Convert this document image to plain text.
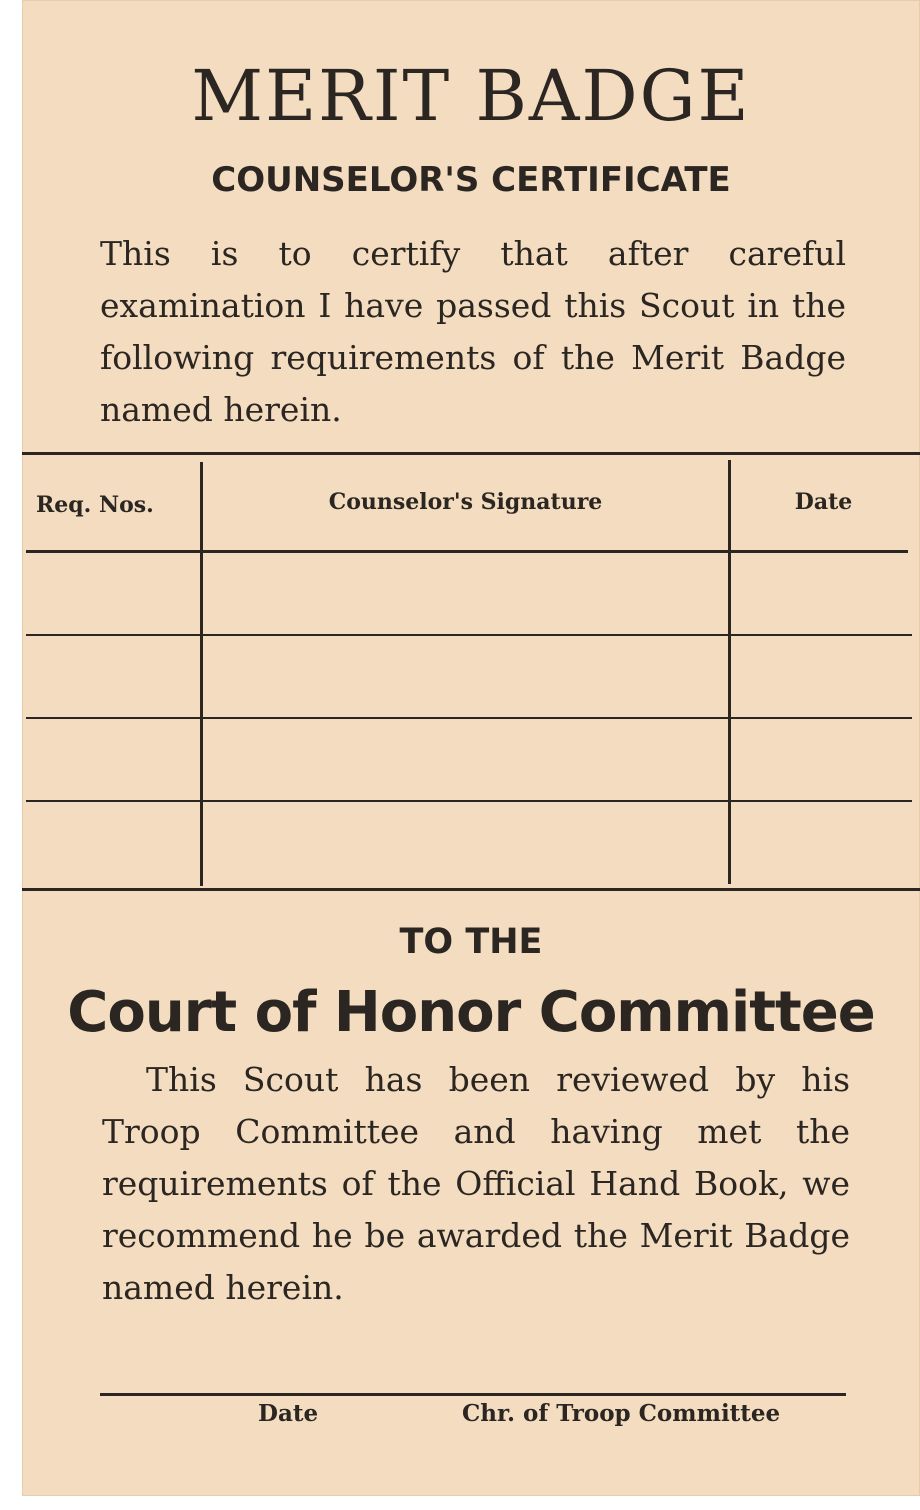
MERIT BADGE
COUNSELOR'S CERTIFICATE
This is to certify that after careful examination I have passed this Scout in the following requirements of the Merit Badge named herein.
Req. Nos.	Counselor's Signature	Date
TO THE
Court of Honor Committee
This Scout has been reviewed by his Troop Committee and having met the requirements of the Official Hand Book, we recommend he be awarded the Merit Badge named herein.
Date	Chr. of Troop Committee
